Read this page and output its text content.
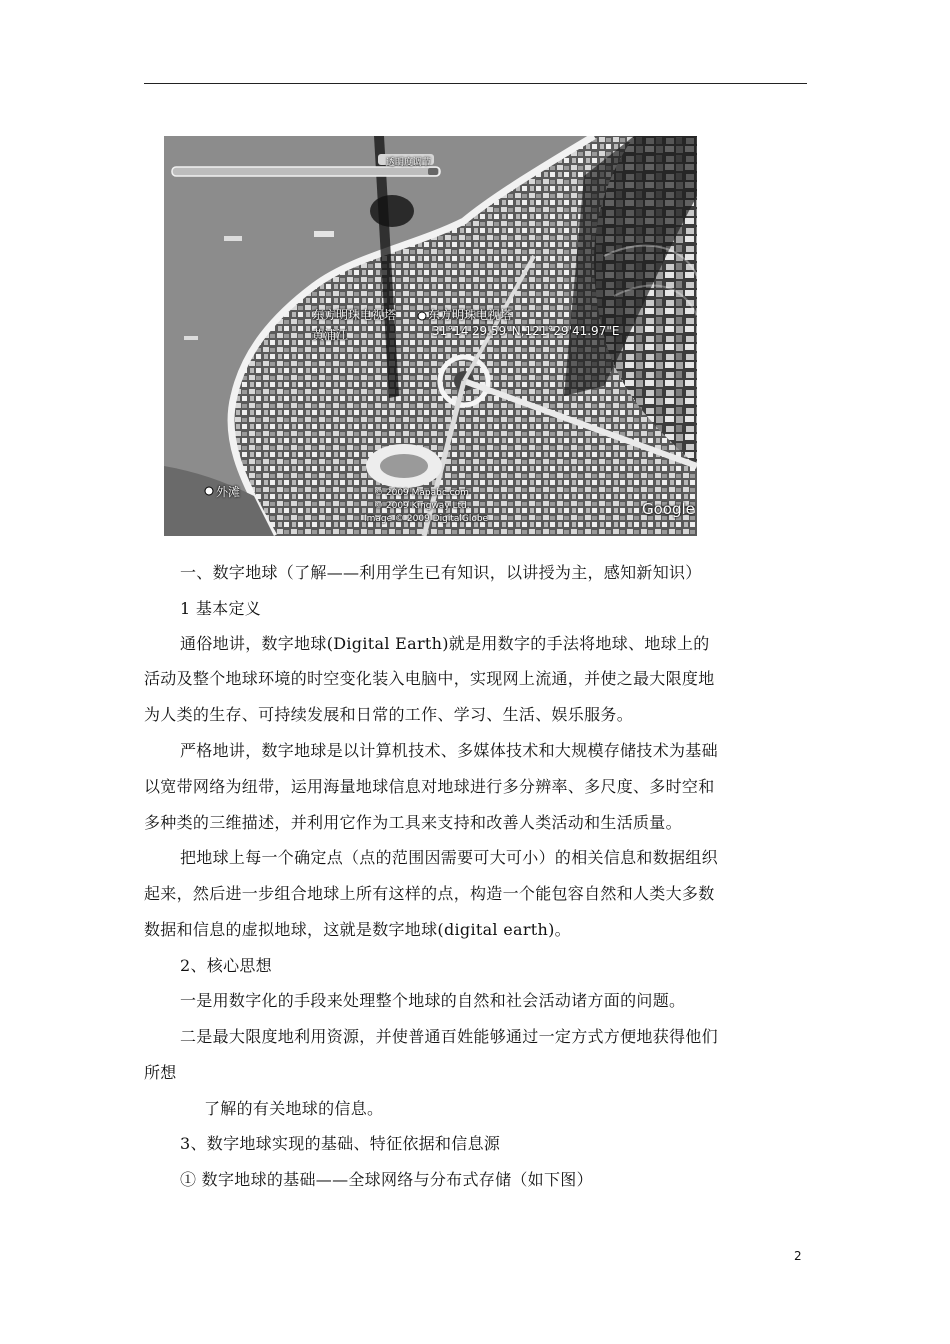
透明度调节
东方明珠电视塔	东方明珠电视塔
31°14'29.59"N,121°29'41.97"E
黄浦江
外滩	© 2009 Mapabc.com
© 2009 Kingway Ltd.
Image © 2009 DigitalGlobe
Google
一、数字地球（了解——利用学生已有知识，以讲授为主，感知新知识）
1 基本定义
通俗地讲，数字地球(Digital Earth)就是用数字的手法将地球、地球上的
活动及整个地球环境的时空变化装入电脑中，实现网上流通，并使之最大限度地
为人类的生存、可持续发展和日常的工作、学习、生活、娱乐服务。
严格地讲，数字地球是以计算机技术、多媒体技术和大规模存储技术为基础
以宽带网络为纽带，运用海量地球信息对地球进行多分辨率、多尺度、多时空和
多种类的三维描述，并利用它作为工具来支持和改善人类活动和生活质量。
把地球上每一个确定点（点的范围因需要可大可小）的相关信息和数据组织
起来，然后进一步组合地球上所有这样的点，构造一个能包容自然和人类大多数
数据和信息的虚拟地球，这就是数字地球(digital earth)。
2、核心思想
一是用数字化的手段来处理整个地球的自然和社会活动诸方面的问题。
二是最大限度地利用资源，并使普通百姓能够通过一定方式方便地获得他们
所想
了解的有关地球的信息。
3、数字地球实现的基础、特征依据和信息源
① 数字地球的基础——全球网络与分布式存储（如下图）
2
